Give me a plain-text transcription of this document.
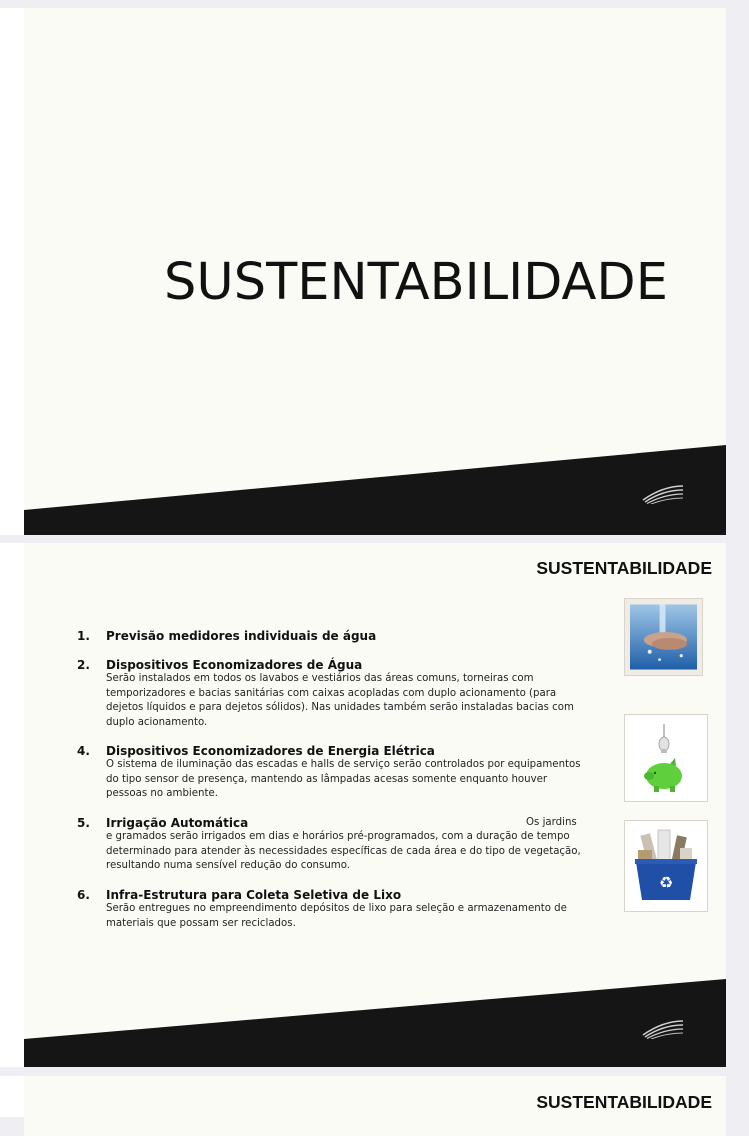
SUSTENTABILIDADE
SUSTENTABILIDADE
1. Previsão medidores individuais de água
2. Dispositivos Economizadores de Água
Serão instalados em todos os lavabos e vestiários das áreas comuns, torneiras com temporizadores e bacias sanitárias com caixas acopladas com duplo acionamento (para dejetos líquidos e para dejetos sólidos). Nas unidades também serão instaladas bacias com duplo acionamento.
4. Dispositivos Economizadores de Energia Elétrica
O sistema de iluminação das escadas e halls de serviço serão controlados por equipamentos do tipo sensor de presença, mantendo as lâmpadas acesas somente enquanto houver pessoas no ambiente.
5. Irrigação Automática	Os jardins
e gramados serão irrigados em dias e horários pré-programados, com a duração de tempo determinado para atender às necessidades específicas de cada área e do tipo de vegetação, resultando numa sensível redução do consumo.
6. Infra-Estrutura para Coleta Seletiva de Lixo
Serão entregues no empreendimento depósitos de lixo para seleção e armazenamento de materiais que possam ser reciclados.
♻
SUSTENTABILIDADE
